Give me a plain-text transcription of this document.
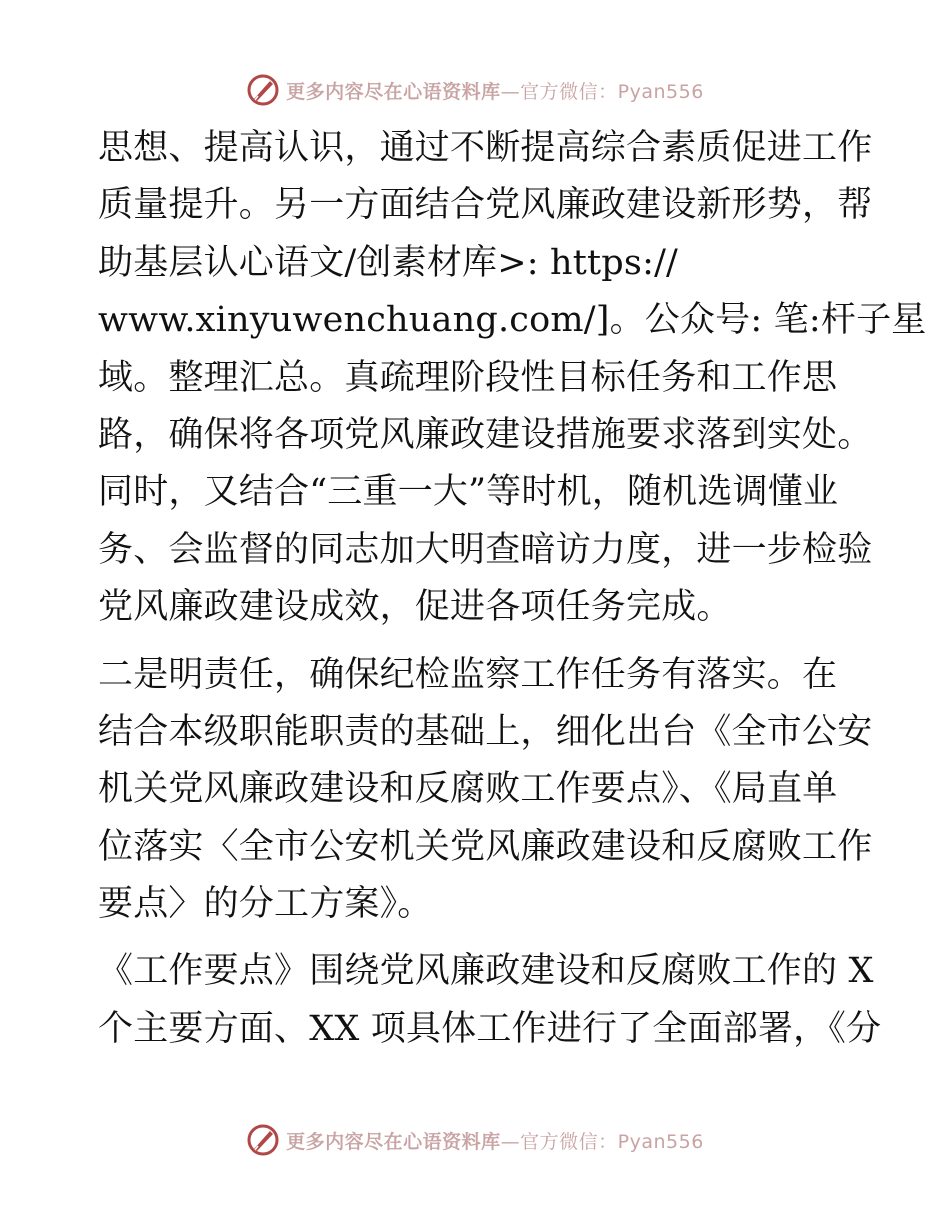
更多内容尽在心语资料库 —官方微信：Pyan556
思想、提高认识，通过不断提高综合素质促进工作
质量提升。另一方面结合党风廉政建设新形势，帮
助基层认心语文/创素材库>: https://
www.xinyuwenchuang.com/]。公众号: 笔:杆子星
域。整理汇总。真疏理阶段性目标任务和工作思
路，确保将各项党风廉政建设措施要求落到实处。
同时，又结合“三重一大”等时机，随机选调懂业
务、会监督的同志加大明查暗访力度，进一步检验
党风廉政建设成效，促进各项任务完成。
二是明责任，确保纪检监察工作任务有落实。在
结合本级职能职责的基础上，细化出台《全市公安
机关党风廉政建设和反腐败工作要点》、《局直单
位落实〈全市公安机关党风廉政建设和反腐败工作
要点〉的分工方案》。
《工作要点》围绕党风廉政建设和反腐败工作的 X
个主要方面、XX 项具体工作进行了全面部署，《分
更多内容尽在心语资料库 —官方微信：Pyan556
